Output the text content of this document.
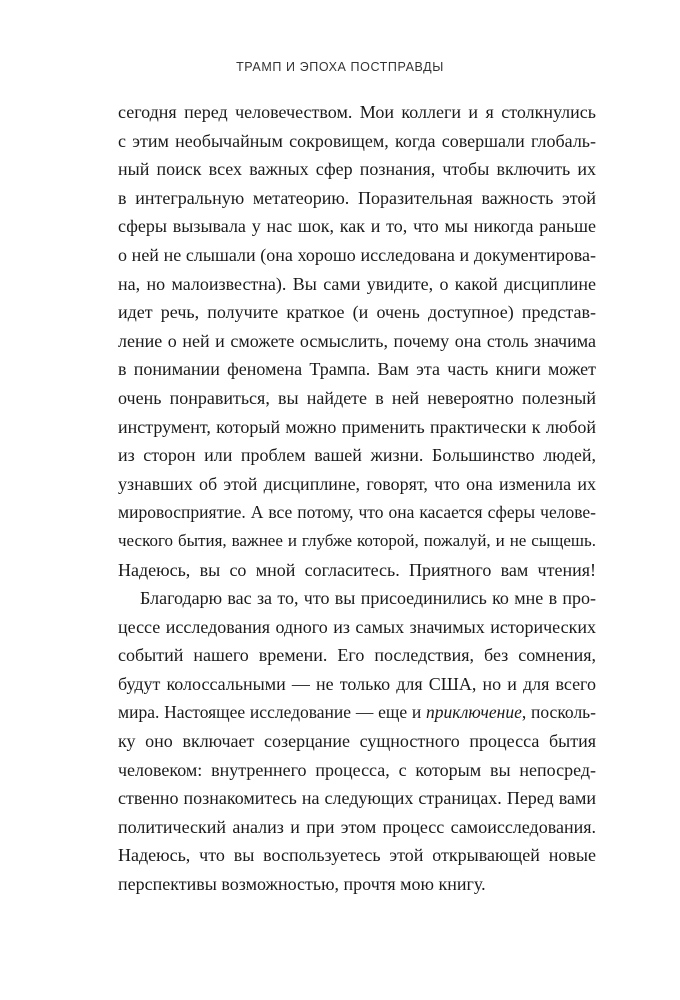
ТРАМП И ЭПОХА ПОСТПРАВДЫ
сегодня перед человечеством. Мои коллеги и я столкнулись
с этим необычайным сокровищем, когда совершали глобаль-
ный поиск всех важных сфер познания, чтобы включить их
в интегральную метатеорию. Поразительная важность этой
сферы вызывала у нас шок, как и то, что мы никогда раньше
о ней не слышали (она хорошо исследована и документирова-
на, но малоизвестна). Вы сами увидите, о какой дисциплине
идет речь, получите краткое (и очень доступное) представ-
ление о ней и сможете осмыслить, почему она столь значима
в понимании феномена Трампа. Вам эта часть книги может
очень понравиться, вы найдете в ней невероятно полезный
инструмент, который можно применить практически к любой
из сторон или проблем вашей жизни. Большинство людей,
узнавших об этой дисциплине, говорят, что она изменила их
мировосприятие. А все потому, что она касается сферы челове-
ческого бытия, важнее и глубже которой, пожалуй, и не сыщешь.
Надеюсь, вы со мной согласитесь. Приятного вам чтения!
Благодарю вас за то, что вы присоединились ко мне в про-
цессе исследования одного из самых значимых исторических
событий нашего времени. Его последствия, без сомнения,
будут колоссальными — не только для США, но и для всего
мира. Настоящее исследование — еще и приключение, посколь-
ку оно включает созерцание сущностного процесса бытия
человеком: внутреннего процесса, с которым вы непосред-
ственно познакомитесь на следующих страницах. Перед вами
политический анализ и при этом процесс самоисследования.
Надеюсь, что вы воспользуетесь этой открывающей новые
перспективы возможностью, прочтя мою книгу.
